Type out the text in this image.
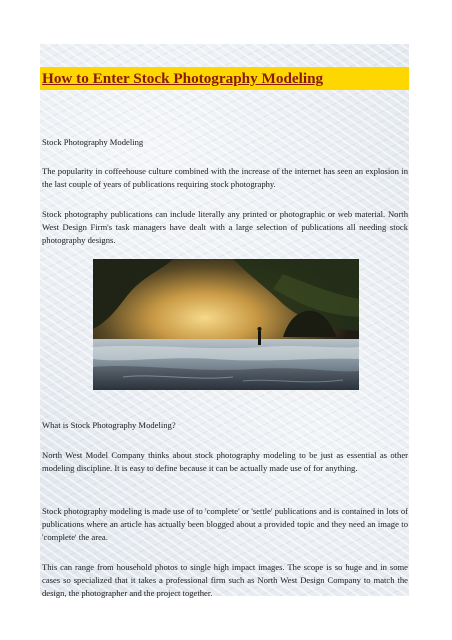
How to Enter Stock Photography Modeling

Stock Photography Modeling

The popularity in coffeehouse culture combined with the increase of the internet has seen an explosion in the last couple of years of publications requiring stock photography.

Stock photography publications can include literally any printed or photographic or web material. North West Design Firm's task managers have dealt with a large selection of publications all needing stock photography designs.

What is Stock Photography Modeling?

North West Model Company thinks about stock photography modeling to be just as essential as other modeling discipline. It is easy to define because it can be actually made use of for anything.

Stock photography modeling is made use of to 'complete' or 'settle' publications and is contained in lots of publications where an article has actually been blogged about a provided topic and they need an image to 'complete' the area.

This can range from household photos to single high impact images. The scope is so huge and in some cases so specialized that it takes a professional firm such as North West Design Company to match the design, the photographer and the project together.
